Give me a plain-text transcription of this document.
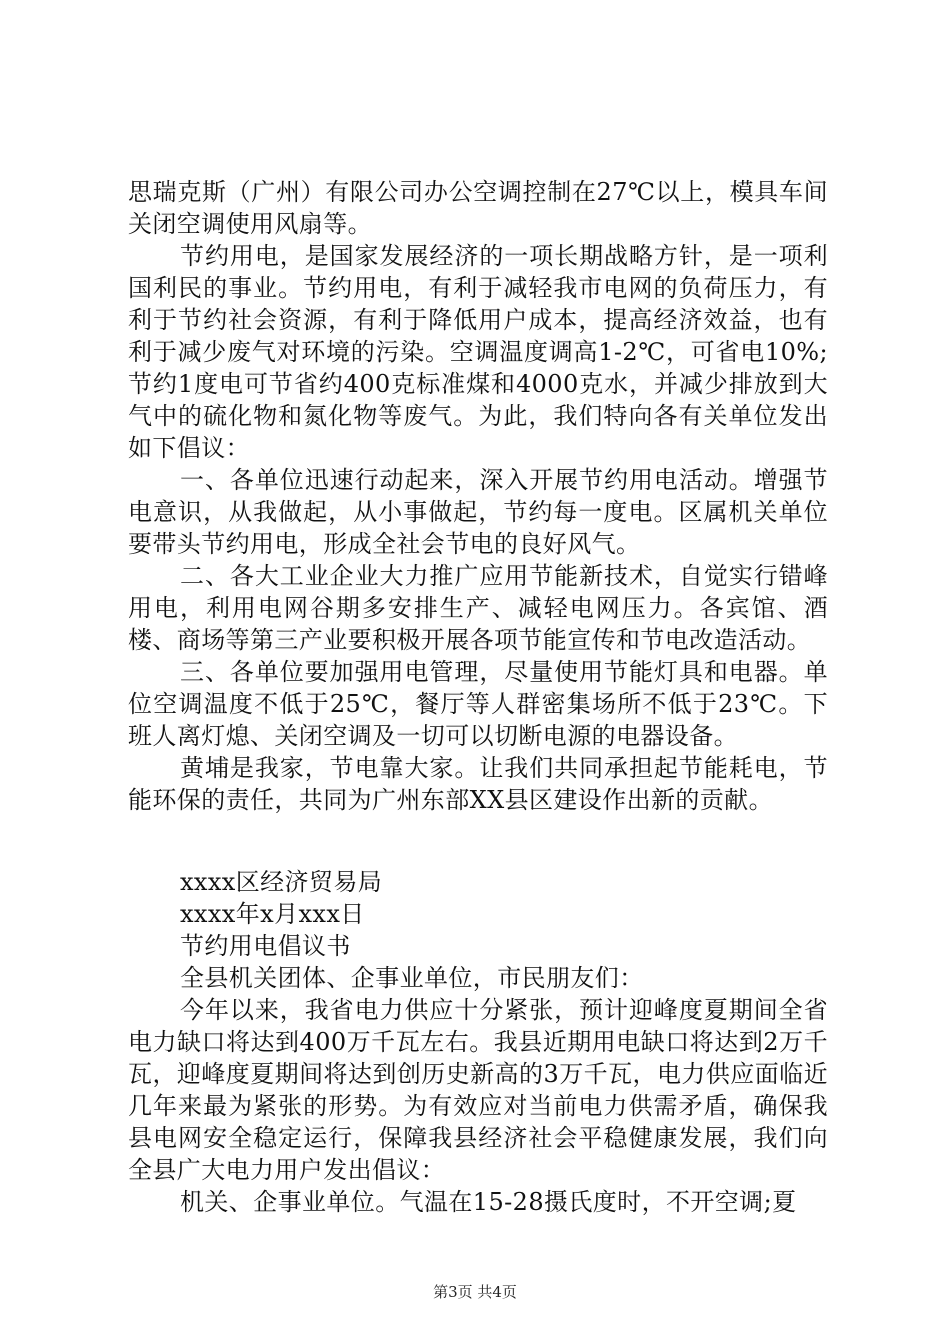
思瑞克斯（广州）有限公司办公空调控制在27℃以上，模具车间关闭空调使用风扇等。

节约用电，是国家发展经济的一项长期战略方针，是一项利国利民的事业。节约用电，有利于减轻我市电网的负荷压力，有利于节约社会资源，有利于降低用户成本，提高经济效益，也有利于减少废气对环境的污染。空调温度调高1-2℃，可省电10%;节约1度电可节省约400克标准煤和4000克水，并减少排放到大气中的硫化物和氮化物等废气。为此，我们特向各有关单位发出如下倡议：

一、各单位迅速行动起来，深入开展节约用电活动。增强节电意识，从我做起，从小事做起，节约每一度电。区属机关单位要带头节约用电，形成全社会节电的良好风气。

二、各大工业企业大力推广应用节能新技术，自觉实行错峰用电，利用电网谷期多安排生产、减轻电网压力。各宾馆、酒楼、商场等第三产业要积极开展各项节能宣传和节电改造活动。

三、各单位要加强用电管理，尽量使用节能灯具和电器。单位空调温度不低于25℃，餐厅等人群密集场所不低于23℃。下班人离灯熄、关闭空调及一切可以切断电源的电器设备。

黄埔是我家，节电靠大家。让我们共同承担起节能耗电，节能环保的责任，共同为广州东部XX县区建设作出新的贡献。

xxxx区经济贸易局

xxxx年x月xxx日

节约用电倡议书

全县机关团体、企事业单位，市民朋友们：

今年以来，我省电力供应十分紧张，预计迎峰度夏期间全省电力缺口将达到400万千瓦左右。我县近期用电缺口将达到2万千瓦，迎峰度夏期间将达到创历史新高的3万千瓦，电力供应面临近几年来最为紧张的形势。为有效应对当前电力供需矛盾，确保我县电网安全稳定运行，保障我县经济社会平稳健康发展，我们向全县广大电力用户发出倡议：

机关、企事业单位。气温在15-28摄氏度时，不开空调;夏

第3页 共4页
